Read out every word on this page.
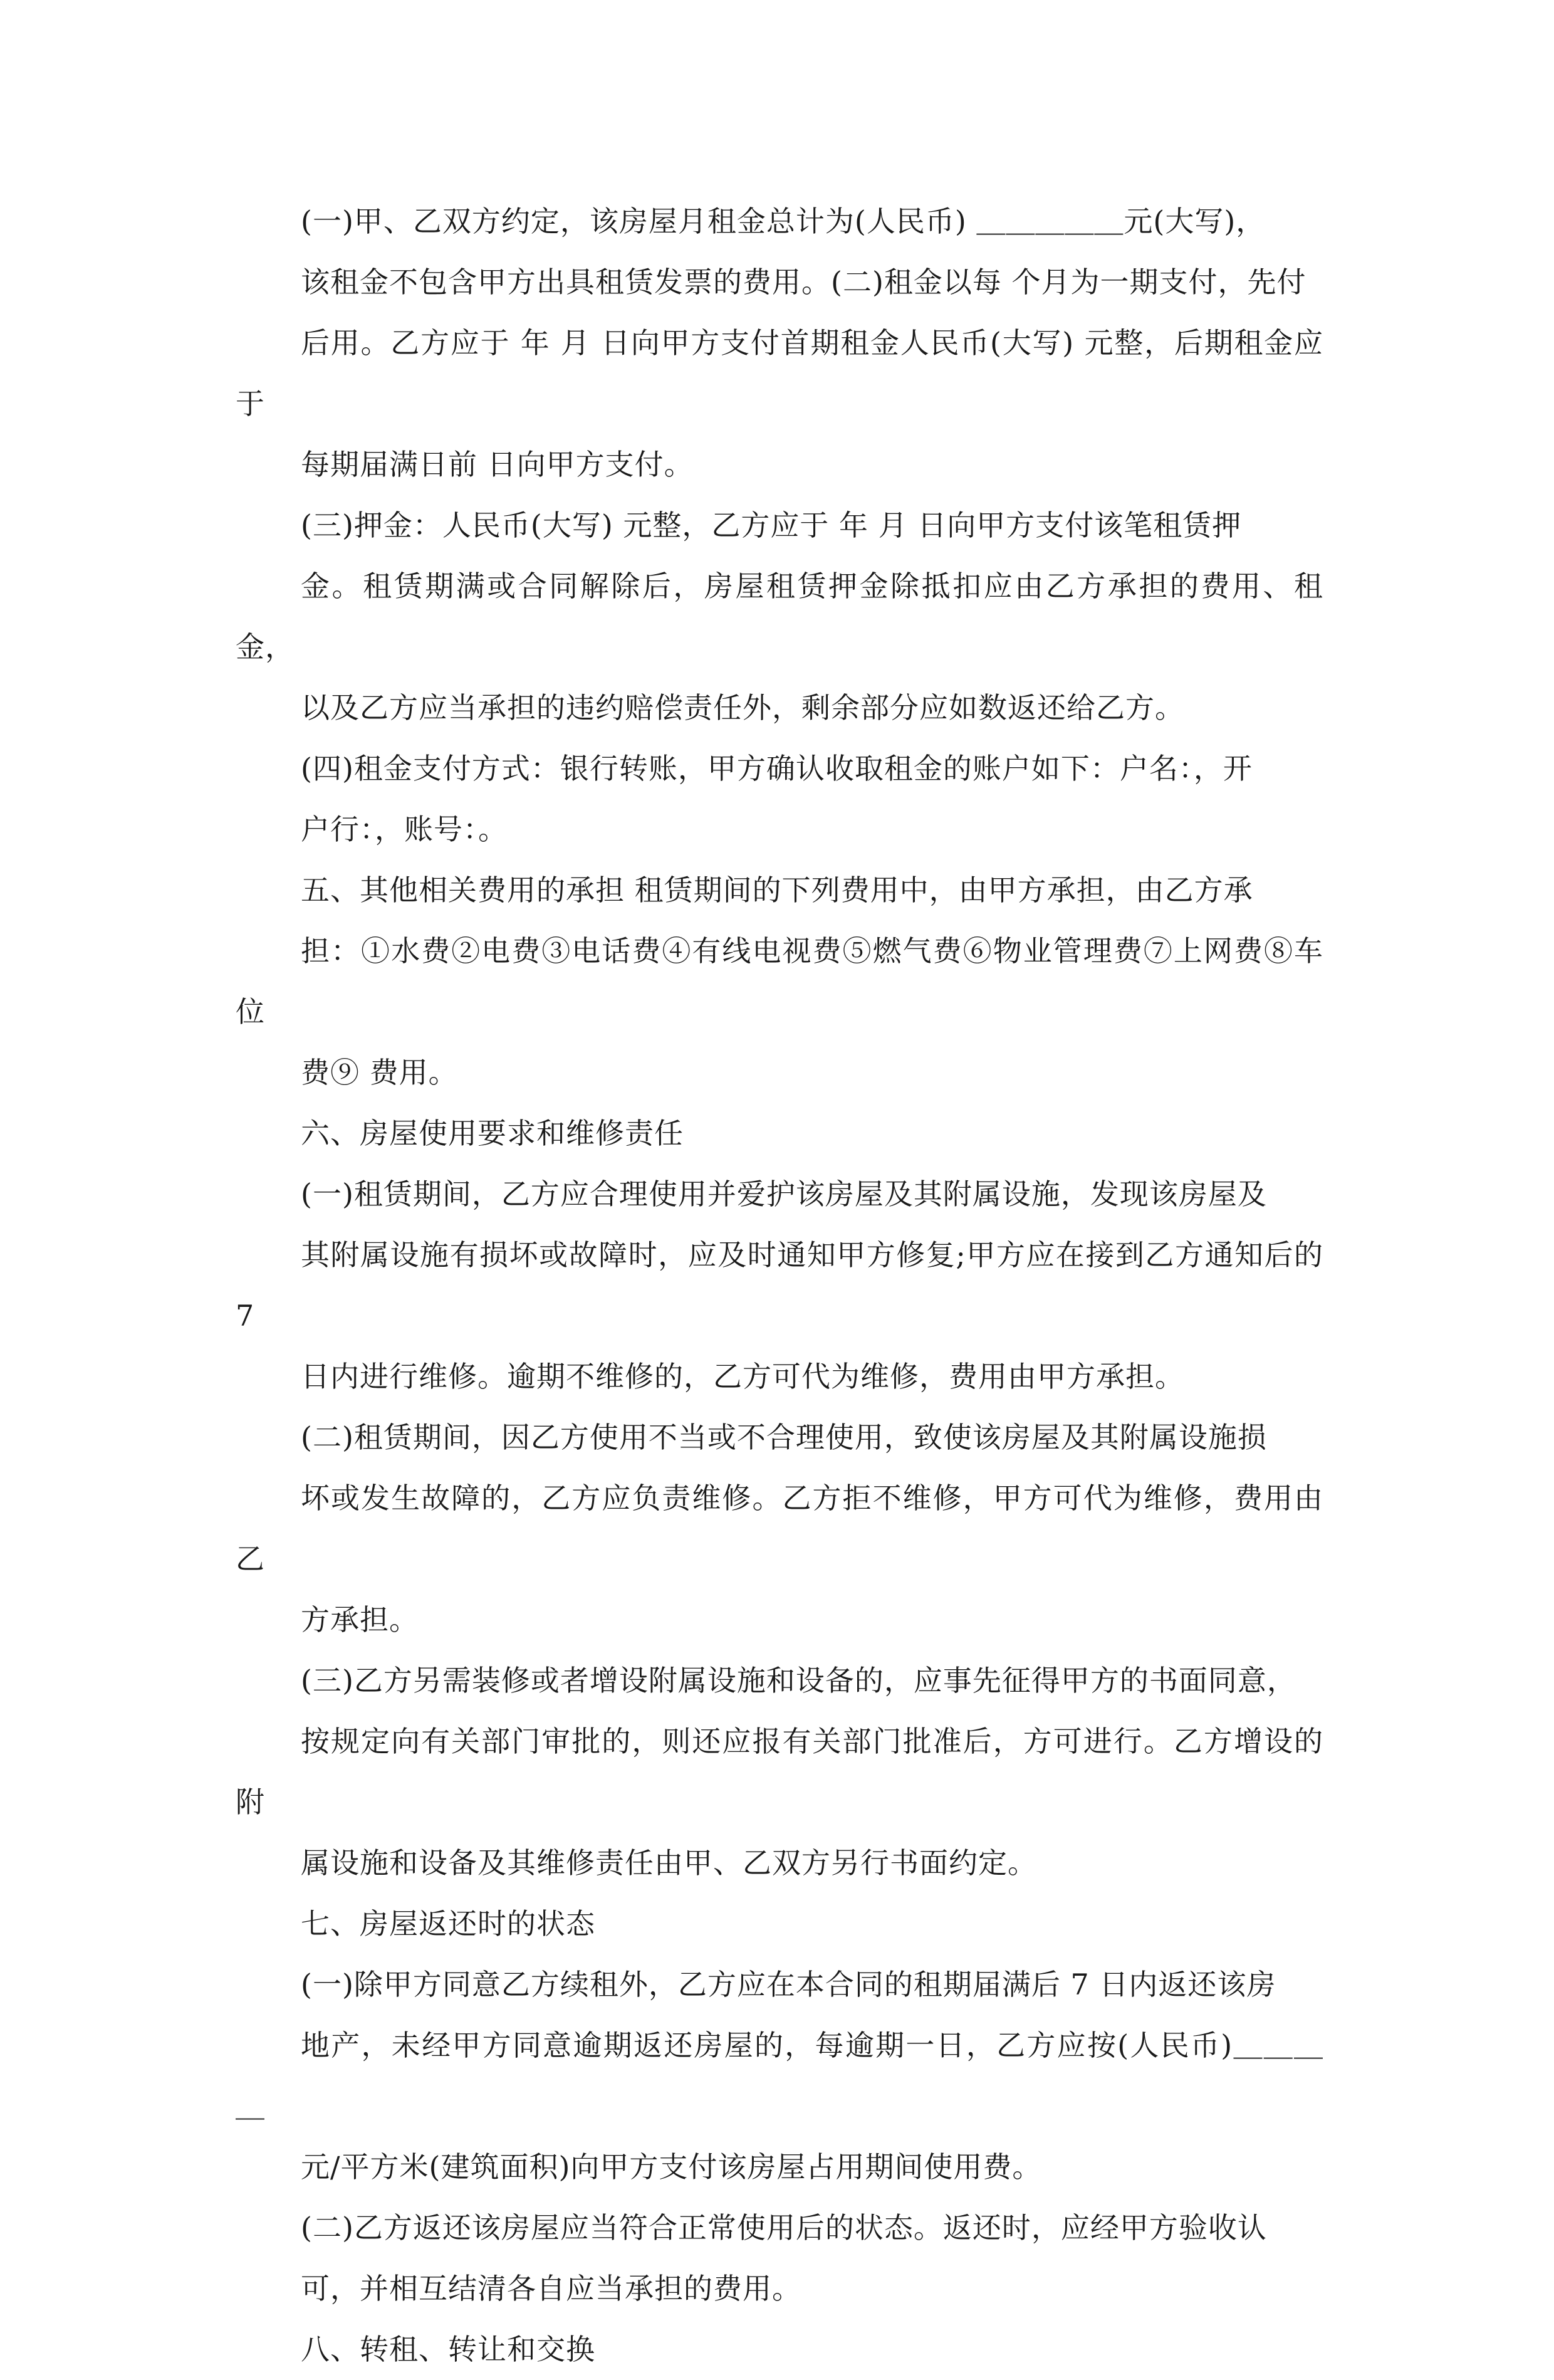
(一)甲、乙双方约定，该房屋月租金总计为(人民币) ＿＿＿＿＿元(大写)，
该租金不包含甲方出具租赁发票的费用。(二)租金以每 个月为一期支付，先付
后用。乙方应于 年 月 日向甲方支付首期租金人民币(大写) 元整，后期租金应于
每期届满日前 日向甲方支付。

(三)押金：人民币(大写) 元整，乙方应于 年 月 日向甲方支付该笔租赁押
金。租赁期满或合同解除后，房屋租赁押金除抵扣应由乙方承担的费用、租金，
以及乙方应当承担的违约赔偿责任外，剩余部分应如数返还给乙方。

(四)租金支付方式：银行转账，甲方确认收取租金的账户如下：户名：，开
户行：，账号：。

五、其他相关费用的承担 租赁期间的下列费用中，由甲方承担，由乙方承
担：①水费②电费③电话费④有线电视费⑤燃气费⑥物业管理费⑦上网费⑧车位
费⑨ 费用。

六、房屋使用要求和维修责任

(一)租赁期间，乙方应合理使用并爱护该房屋及其附属设施，发现该房屋及
其附属设施有损坏或故障时，应及时通知甲方修复;甲方应在接到乙方通知后的 7
日内进行维修。逾期不维修的，乙方可代为维修，费用由甲方承担。

(二)租赁期间，因乙方使用不当或不合理使用，致使该房屋及其附属设施损
坏或发生故障的，乙方应负责维修。乙方拒不维修，甲方可代为维修，费用由乙
方承担。

(三)乙方另需装修或者增设附属设施和设备的，应事先征得甲方的书面同意，
按规定向有关部门审批的，则还应报有关部门批准后，方可进行。乙方增设的附
属设施和设备及其维修责任由甲、乙双方另行书面约定。

七、房屋返还时的状态

(一)除甲方同意乙方续租外，乙方应在本合同的租期届满后 7 日内返还该房
地产，未经甲方同意逾期返还房屋的，每逾期一日，乙方应按(人民币)＿＿＿＿
元/平方米(建筑面积)向甲方支付该房屋占用期间使用费。

(二)乙方返还该房屋应当符合正常使用后的状态。返还时，应经甲方验收认
可，并相互结清各自应当承担的费用。

八、转租、转让和交换
